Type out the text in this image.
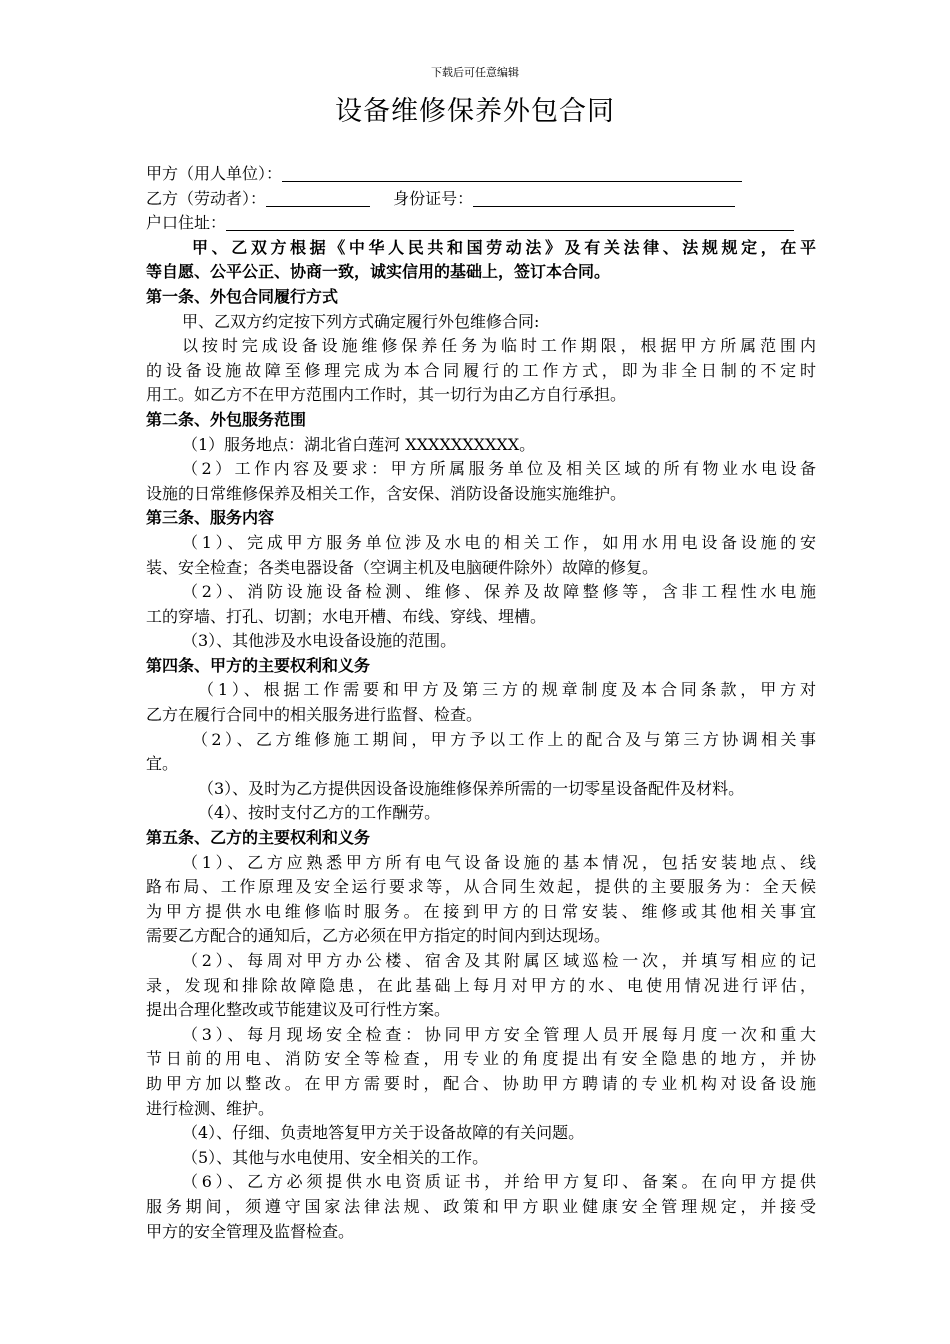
下载后可任意编辑
设备维修保养外包合同
甲方（用人单位）：
乙方（劳动者）：	身份证号：
户口住址：
甲、乙双方根据《中华人民共和国劳动法》及有关法律、法规规定，在平
等自愿、公平公正、协商一致，诚实信用的基础上，签订本合同。
第一条、外包合同履行方式
甲、乙双方约定按下列方式确定履行外包维修合同:
以按时完成设备设施维修保养任务为临时工作期限，根据甲方所属范围内
的设备设施故障至修理完成为本合同履行的工作方式，即为非全日制的不定时
用工。如乙方不在甲方范围内工作时，其一切行为由乙方自行承担。
第二条、外包服务范围
（1）服务地点：湖北省白莲河 XXXXXXXXXX。
（2）工作内容及要求：甲方所属服务单位及相关区域的所有物业水电设备
设施的日常维修保养及相关工作，含安保、消防设备设施实施维护。
第三条、服务内容
（1）、完成甲方服务单位涉及水电的相关工作，如用水用电设备设施的安
装、安全检查；各类电器设备（空调主机及电脑硬件除外）故障的修复。
（2）、消防设施设备检测、维修、保养及故障整修等，含非工程性水电施
工的穿墙、打孔、切割；水电开槽、布线、穿线、埋槽。
（3）、其他涉及水电设备设施的范围。
第四条、甲方的主要权利和义务
（1）、根据工作需要和甲方及第三方的规章制度及本合同条款，甲方对
乙方在履行合同中的相关服务进行监督、检查。
（2）、乙方维修施工期间，甲方予以工作上的配合及与第三方协调相关事
宜。
（3）、及时为乙方提供因设备设施维修保养所需的一切零星设备配件及材料。
（4）、按时支付乙方的工作酬劳。
第五条、乙方的主要权利和义务
（1）、乙方应熟悉甲方所有电气设备设施的基本情况，包括安装地点、线
路布局、工作原理及安全运行要求等，从合同生效起，提供的主要服务为：全天候
为甲方提供水电维修临时服务。在接到甲方的日常安装、维修或其他相关事宜
需要乙方配合的通知后，乙方必须在甲方指定的时间内到达现场。
（2）、每周对甲方办公楼、宿舍及其附属区域巡检一次，并填写相应的记
录，发现和排除故障隐患，在此基础上每月对甲方的水、电使用情况进行评估，
提出合理化整改或节能建议及可行性方案。
（3）、每月现场安全检查：协同甲方安全管理人员开展每月度一次和重大
节日前的用电、消防安全等检查，用专业的角度提出有安全隐患的地方，并协
助甲方加以整改。在甲方需要时，配合、协助甲方聘请的专业机构对设备设施
进行检测、维护。
（4）、仔细、负责地答复甲方关于设备故障的有关问题。
（5）、其他与水电使用、安全相关的工作。
（6）、乙方必须提供水电资质证书，并给甲方复印、备案。在向甲方提供
服务期间，须遵守国家法律法规、政策和甲方职业健康安全管理规定，并接受
甲方的安全管理及监督检查。
